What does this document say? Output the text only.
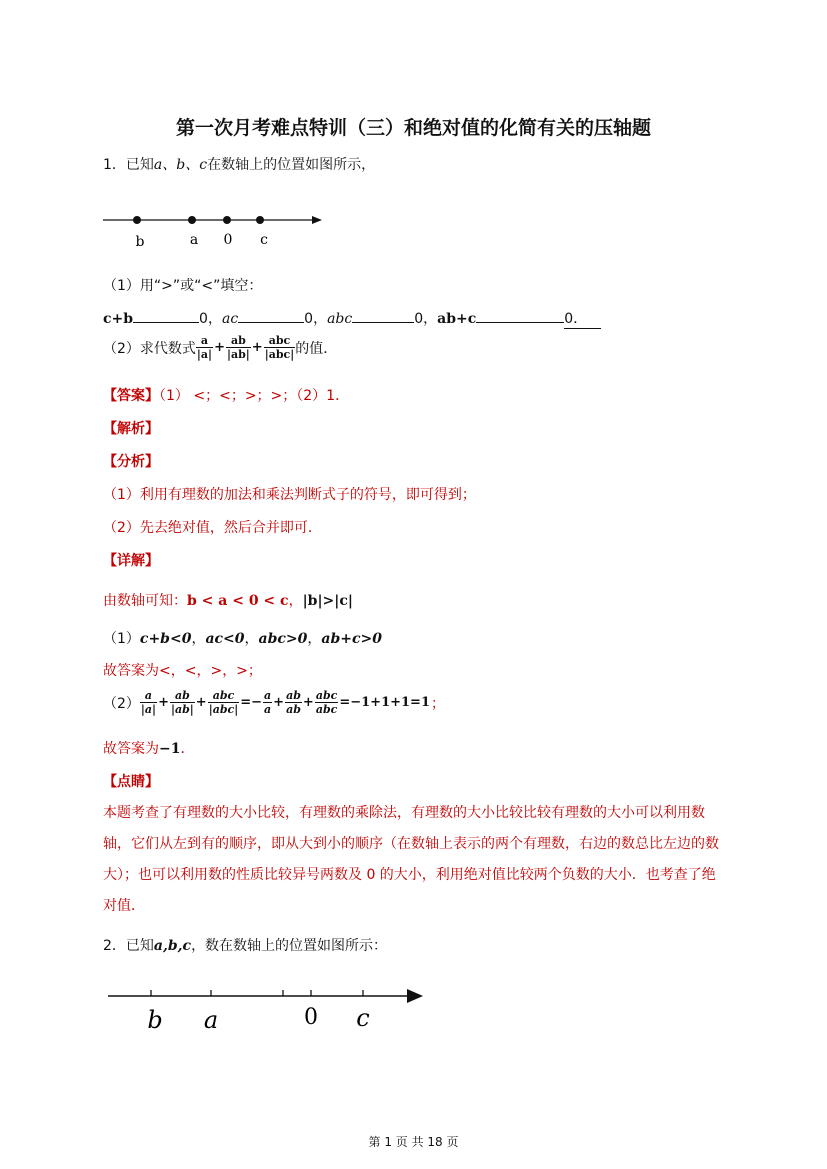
第一次月考难点特训（三）和绝对值的化简有关的压轴题
1．已知a、b、c在数轴上的位置如图所示，
b	a 0 c
（1）用“>”或“<”填空：
c+b	0，ac	0，abc	0，ab+c	0． 
（2）求代数式 $\frac{a}{|a|} + \frac{ab}{|ab|} + \frac{\text{abc}}{\text{|abc|}}$ 的值．
【答案】（1） <；<；>；>；（2）1．
【解析】
【分析】
（1）利用有理数的加法和乘法判断式子的符号，即可得到；
（2）先去绝对值，然后合并即可．
【详解】
由数轴可知：b < a < 0 < c，|b|>|c|
（1）c+b<0，ac<0，abc>0，ab+c>0
故答案为<，<，>，>；
$(2) \frac{a}{|a|} + \frac{ab}{|ab|} + \frac{\text{abc}}{\text{|abc|}} =- \frac{a}{a} + \frac{ab}{ab} + \frac{\text{abc}}{\text{abc}} =-1+1+1=1$ ；
故答案为−1．
【点睛】
本题考查了有理数的大小比较，有理数的乘除法，有理数的大小比较比较有理数的大小可以利用数轴，它们从左到有的顺序，即从大到小的顺序（在数轴上表示的两个有理数，右边的数总比左边的数大）；也可以利用数的性质比较异号两数及 0 的大小，利用绝对值比较两个负数的大小．也考查了绝对值．
2．已知a,b,c，数在数轴上的位置如图所示：
b a	0 c
第 1 页 共 18 页
